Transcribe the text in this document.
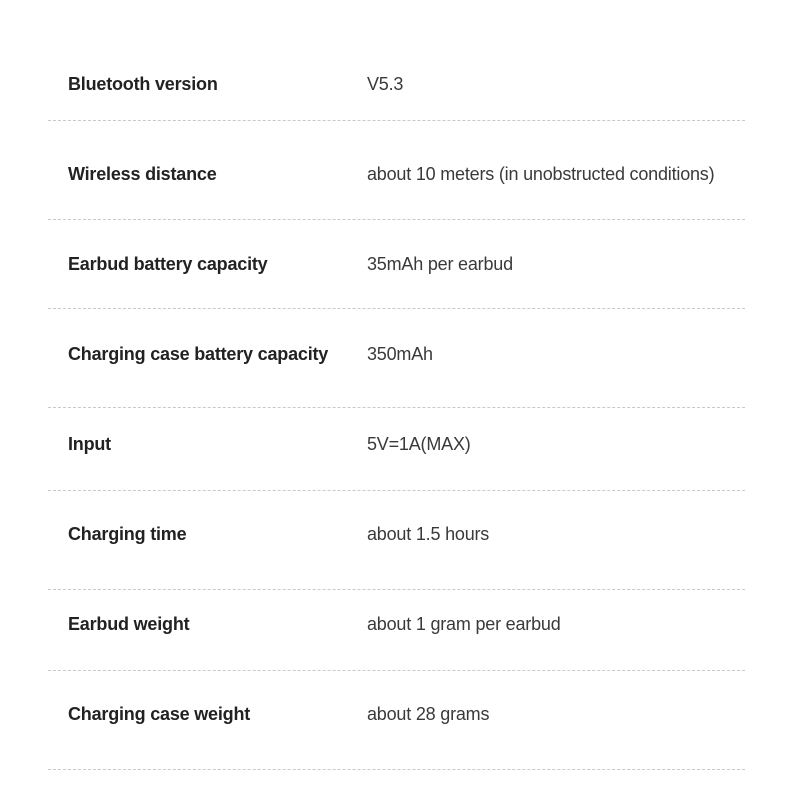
Bluetooth version	V5.3
Wireless distance	about 10 meters (in unobstructed conditions)
Earbud battery capacity	35mAh per earbud
Charging case battery capacity 350mAh
Input	5V=1A(MAX)
Charging time	about 1.5 hours
Earbud weight	about 1 gram per earbud
Charging case weight	about 28 grams
